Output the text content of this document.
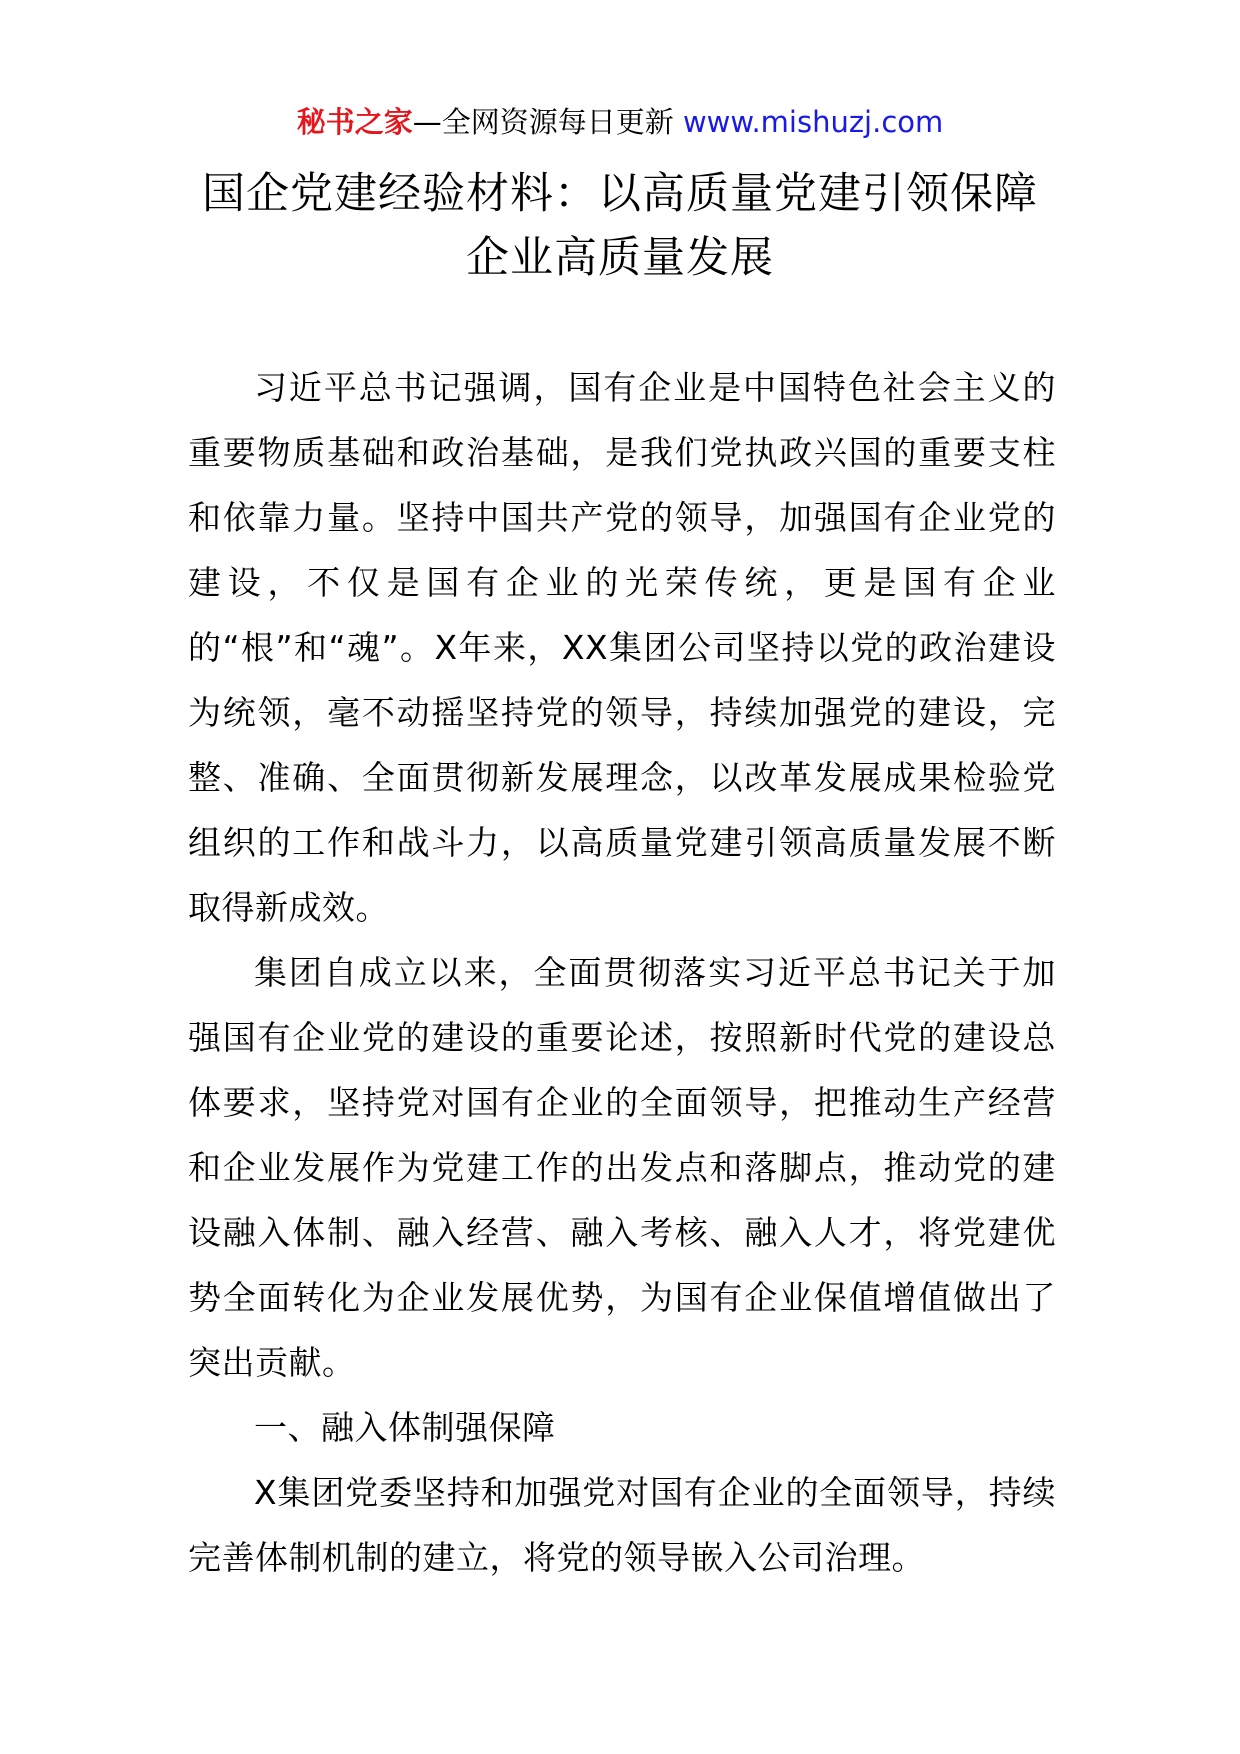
秘书之家—全网资源每日更新 www.mishuzj.com
国企党建经验材料：以高质量党建引领保障企业高质量发展

习近平总书记强调，国有企业是中国特色社会主义的重要物质基础和政治基础，是我们党执政兴国的重要支柱和依靠力量。坚持中国共产党的领导，加强国有企业党的建设，不仅是国有企业的光荣传统，更是国有企业的“根”和“魂”。X年来，XX集团公司坚持以党的政治建设为统领，毫不动摇坚持党的领导，持续加强党的建设，完整、准确、全面贯彻新发展理念，以改革发展成果检验党组织的工作和战斗力，以高质量党建引领高质量发展不断取得新成效。

集团自成立以来，全面贯彻落实习近平总书记关于加强国有企业党的建设的重要论述，按照新时代党的建设总体要求，坚持党对国有企业的全面领导，把推动生产经营和企业发展作为党建工作的出发点和落脚点，推动党的建设融入体制、融入经营、融入考核、融入人才，将党建优势全面转化为企业发展优势，为国有企业保值增值做出了突出贡献。

一、融入体制强保障

X集团党委坚持和加强党对国有企业的全面领导，持续完善体制机制的建立，将党的领导嵌入公司治理。
